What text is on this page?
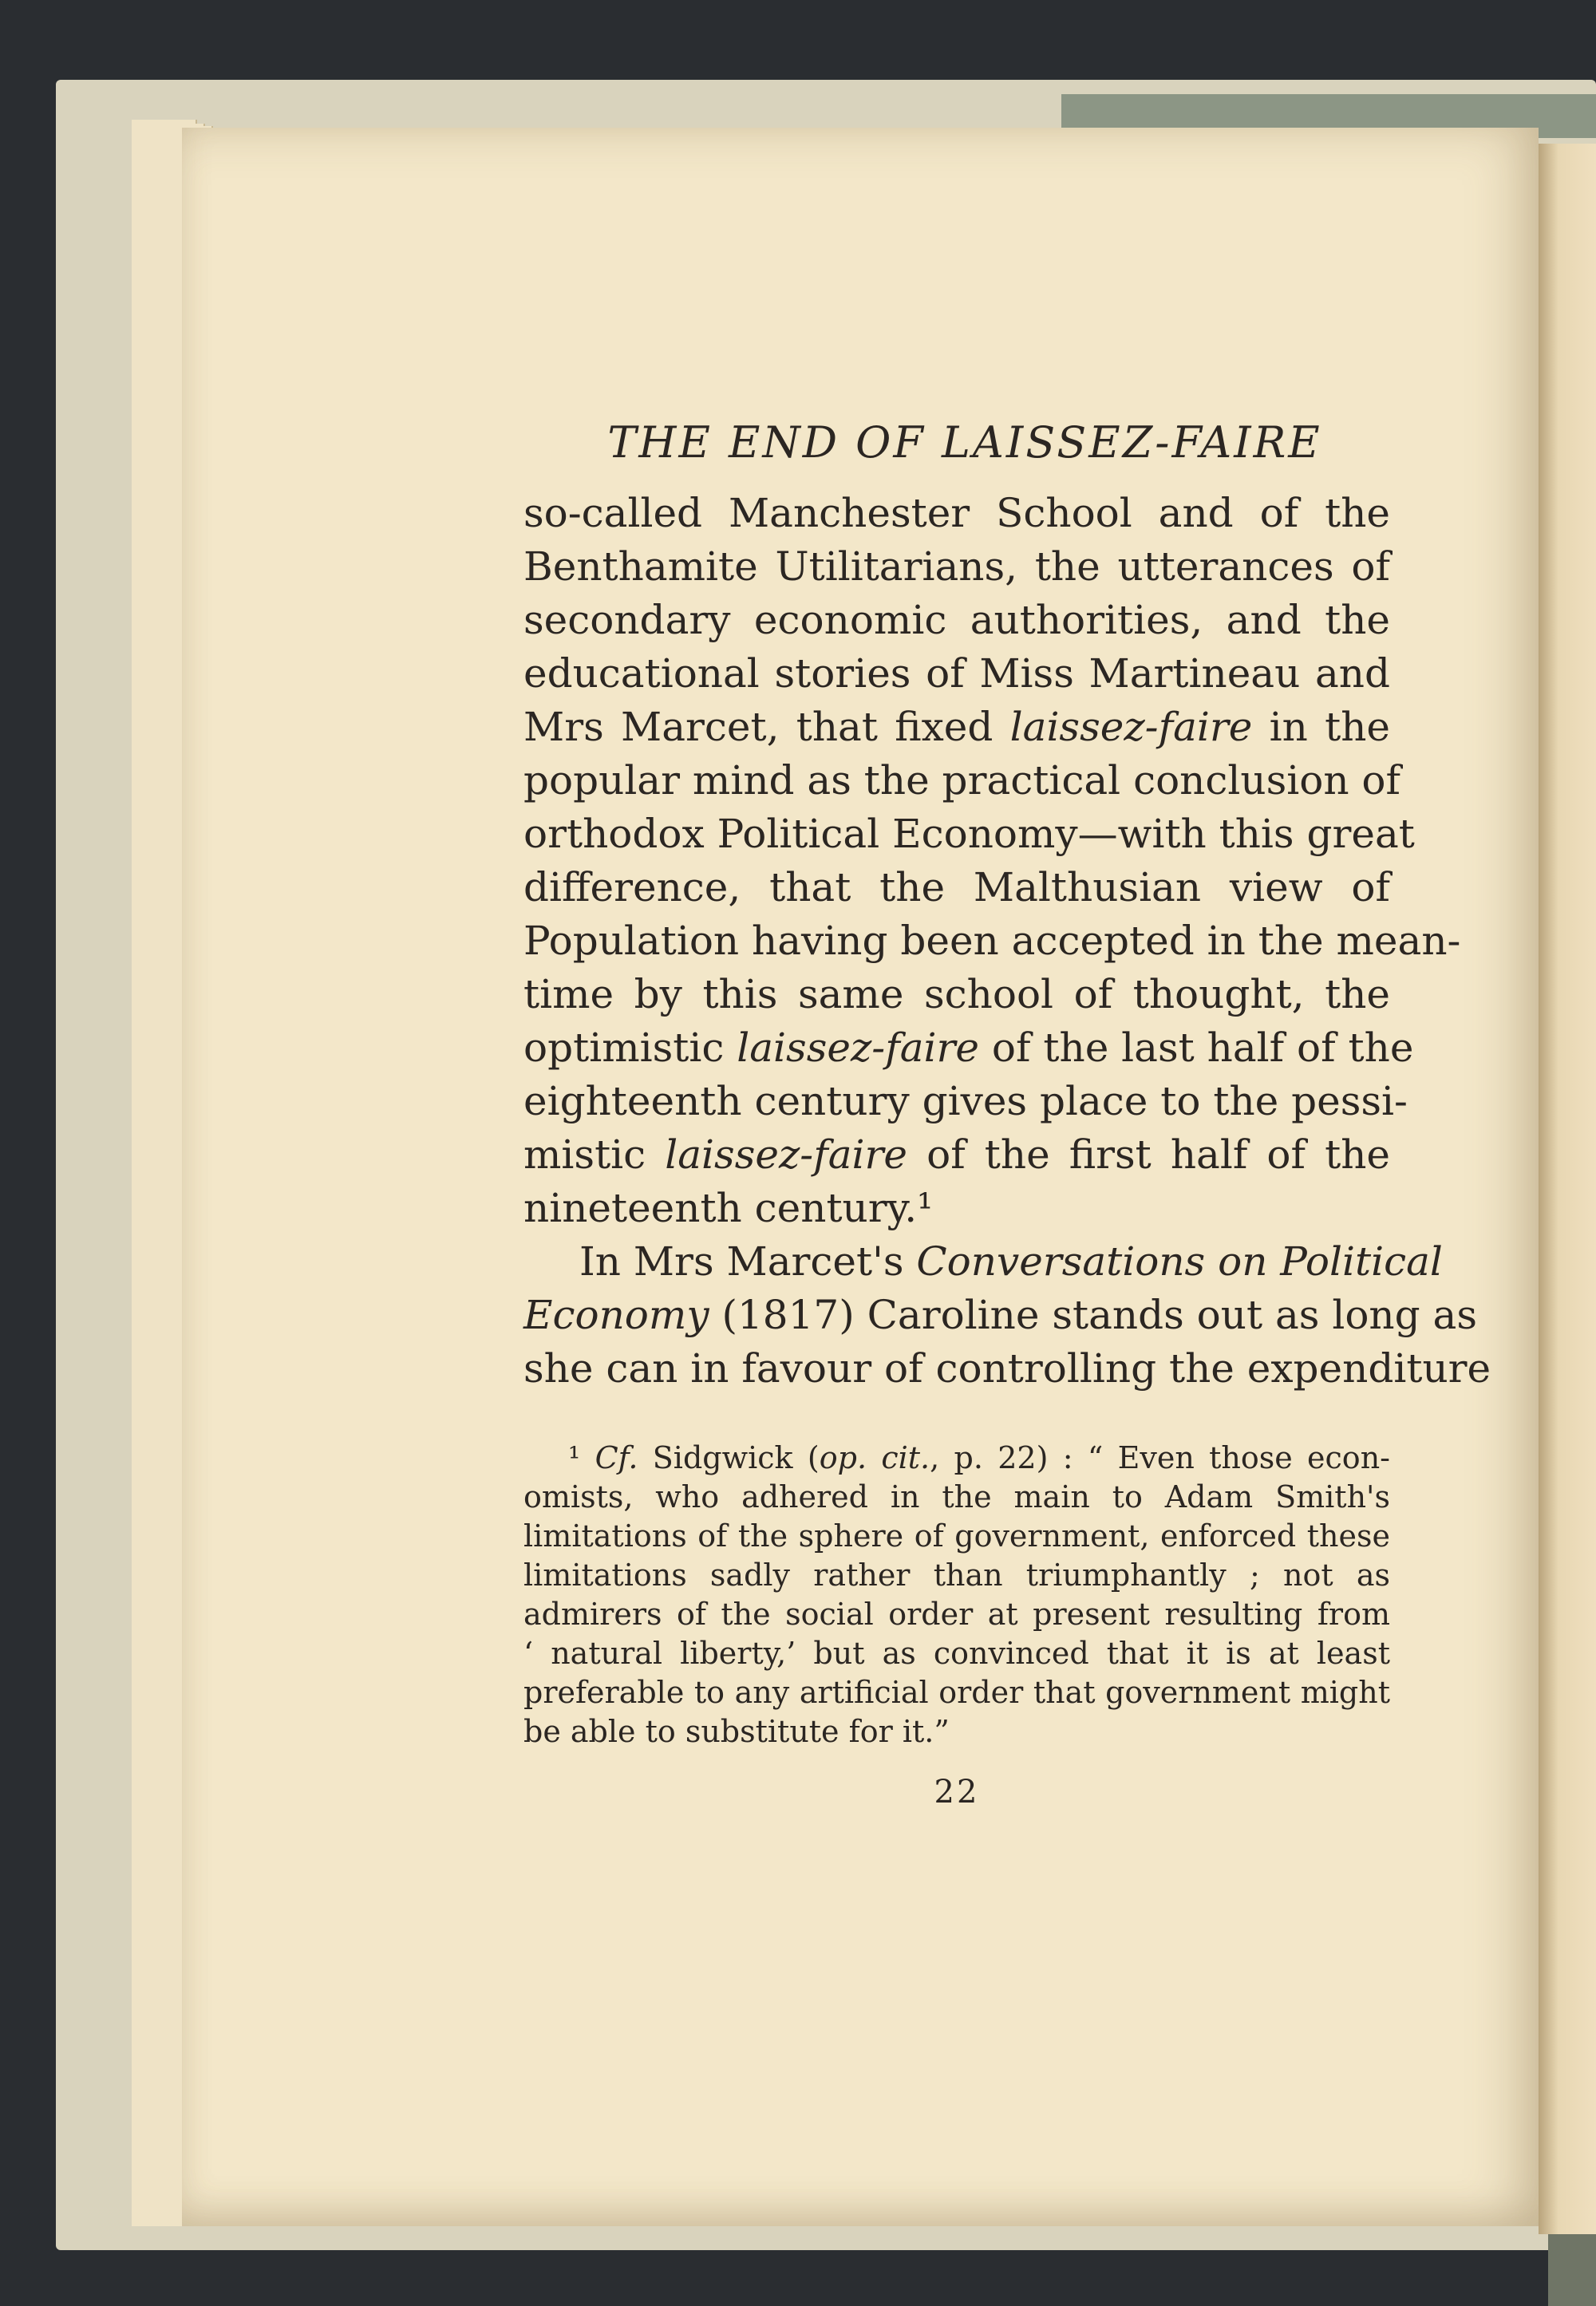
THE END OF LAISSEZ-FAIRE

so-called Manchester School and of the

Benthamite Utilitarians, the utterances of

secondary economic authorities, and the

educational stories of Miss Martineau and

Mrs Marcet, that fixed laissez-faire in the

popular mind as the practical conclusion of

orthodox Political Economy—with this great

difference, that the Malthusian view of

Population having been accepted in the mean-

time by this same school of thought, the

optimistic laissez-faire of the last half of the

eighteenth century gives place to the pessi-

mistic laissez-faire of the first half of the

nineteenth century.¹

In Mrs Marcet's Conversations on Political

Economy (1817) Caroline stands out as long as

she can in favour of controlling the expenditure

¹ Cf. Sidgwick (op. cit., p. 22) : “ Even those econ-

omists, who adhered in the main to Adam Smith's

limitations of the sphere of government, enforced these

limitations sadly rather than triumphantly ; not as

admirers of the social order at present resulting from

‘ natural liberty,’ but as convinced that it is at least

preferable to any artificial order that government might

be able to substitute for it.”

22
